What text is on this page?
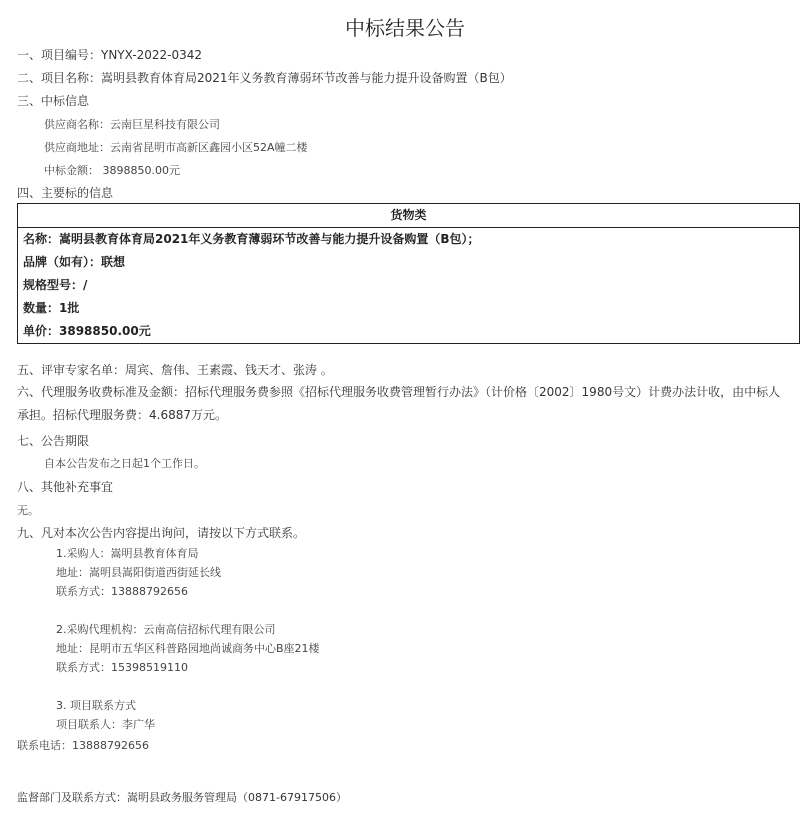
中标结果公告
一、项目编号：YNYX-2022-0342
二、项目名称：嵩明县教育体育局2021年义务教育薄弱环节改善与能力提升设备购置（B包）
三、中标信息
供应商名称：云南巨星科技有限公司
供应商地址：云南省昆明市高新区鑫园小区52A幢二楼
中标金额： 3898850.00元
四、主要标的信息
货物类
名称：嵩明县教育体育局2021年义务教育薄弱环节改善与能力提升设备购置（B包）；
品牌（如有）：联想
规格型号：/
数量：1批
单价：3898850.00元
五、评审专家名单：周宾、詹伟、王素霞、钱天才、张涛 。
六、代理服务收费标准及金额：招标代理服务费参照《招标代理服务收费管理暂行办法》（计价格〔2002〕1980号文）计费办法计收，由中标人承担。招标代理服务费：4.6887万元。
七、公告期限
自本公告发布之日起1个工作日。
八、其他补充事宜
无。
九、凡对本次公告内容提出询问，请按以下方式联系。
1.采购人：嵩明县教育体育局
地址：嵩明县嵩阳街道西街延长线
联系方式：13888792656
2.采购代理机构：云南高信招标代理有限公司
地址：昆明市五华区科普路园地尚诚商务中心B座21楼
联系方式：15398519110
3. 项目联系方式
项目联系人：李广华
联系电话：13888792656
监督部门及联系方式：嵩明县政务服务管理局（0871-67917506）
